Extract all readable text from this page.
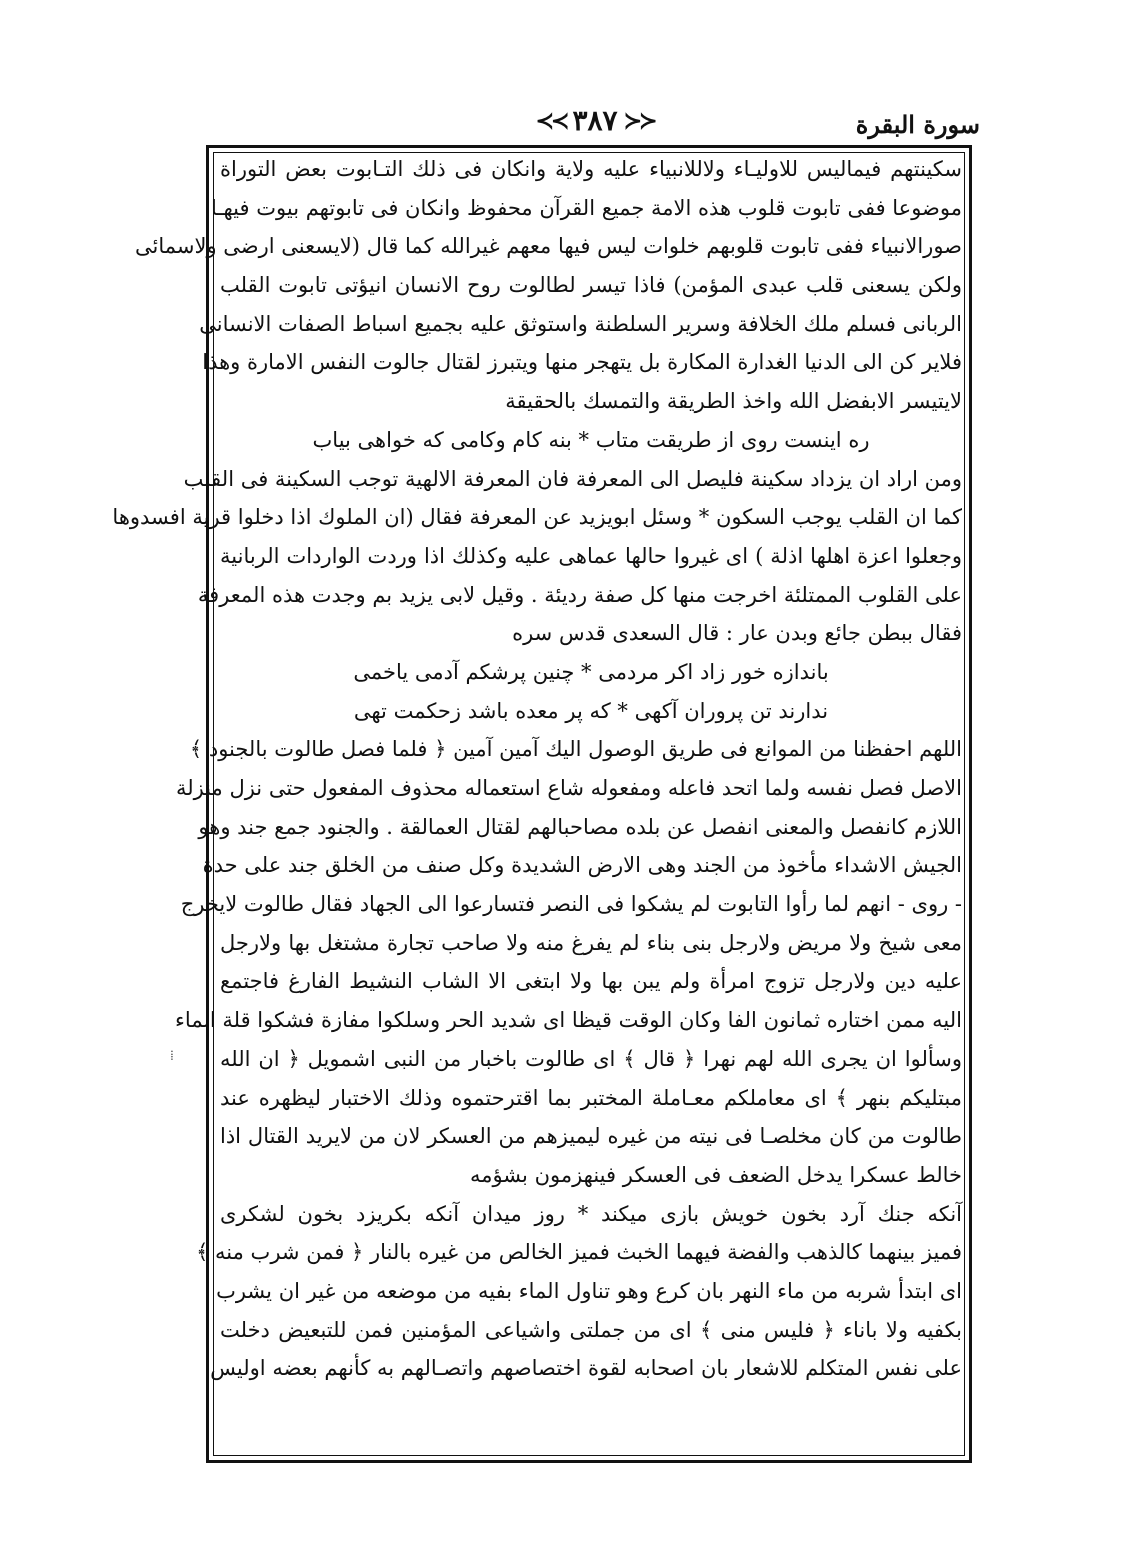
سورة البقرة
≺≺
٣٨٧
≻≻
⁞
سكينتهم فيماليس للاوليـاء ولاللانبياء عليه ولاية وانكان فى ذلك التـابوت بعض التوراة
موضوعا ففى تابوت قلوب هذه الامة جميع القرآن محفوظ وانكان فى تابوتهم بيوت فيهـا
صورالانبياء ففى تابوت قلوبهم خلوات ليس فيها معهم غيرالله كما قال (لايسعنى ارضى ولاسمائى
ولكن يسعنى قلب عبدى المؤمن) فاذا تيسر لطالوت روح الانسان انيؤتى تابوت القلب
الربانى فسلم ملك الخلافة وسرير السلطنة واستوثق عليه بجميع اسباط الصفات الانسانى
فلاير كن الى الدنيا الغدارة المكارة بل يتهجر منها ويتبرز لقتال جالوت النفس الامارة وهذا
لايتيسر الابفضل الله واخذ الطريقة والتمسك بالحقيقة
ره اينست روى از طريقت متاب * بنه كام وكامى كه خواهى بياب
ومن اراد ان يزداد سكينة فليصل الى المعرفة فان المعرفة الالهية توجب السكينة فى القلب
كما ان القلب يوجب السكون * وسئل ابويزيد عن المعرفة فقال (ان الملوك اذا دخلوا قرية افسدوها
وجعلوا اعزة اهلها اذلة ) اى غيروا حالها عماهى عليه وكذلك اذا وردت الواردات الربانية
على القلوب الممتلئة اخرجت منها كل صفة رديئة . وقيل لابى يزيد بم وجدت هذه المعرفة
فقال ببطن جائع وبدن عار : قال السعدى قدس سره
باندازه خور زاد اكر مردمى * چنين پرشكم آدمى ياخمى
ندارند تن پروران آكهى * كه پر معده باشد زحكمت تهى
اللهم احفظنا من الموانع فى طريق الوصول اليك آمين آمين ﴿ فلما فصل طالوت بالجنود ﴾
الاصل فصل نفسه ولما اتحد فاعله ومفعوله شاع استعماله محذوف المفعول حتى نزل منزلة
اللازم كانفصل والمعنى انفصل عن بلده مصاحبالهم لقتال العمالقة . والجنود جمع جند وهو
الجيش الاشداء مأخوذ من الجند وهى الارض الشديدة وكل صنف من الخلق جند على حدة
- روى - انهم لما رأوا التابوت لم يشكوا فى النصر فتسارعوا الى الجهاد فقال طالوت لايخرج
معى شيخ ولا مريض ولارجل بنى بناء لم يفرغ منه ولا صاحب تجارة مشتغل بها ولارجل
عليه دين ولارجل تزوج امرأة ولم يبن بها ولا ابتغى الا الشاب النشيط الفارغ فاجتمع
اليه ممن اختاره ثمانون الفا وكان الوقت قيظا اى شديد الحر وسلكوا مفازة فشكوا قلة الماء
وسألوا ان يجرى الله لهم نهرا ﴿ قال ﴾ اى طالوت باخبار من النبى اشمويل ﴿ ان الله
مبتليكم بنهر ﴾ اى معاملكم معـاملة المختبر بما اقترحتموه وذلك الاختبار ليظهره عند
طالوت من كان مخلصـا فى نيته من غيره ليميزهم من العسكر لان من لايريد القتال اذا
خالط عسكرا يدخل الضعف فى العسكر فينهزمون بشؤمه
آنكه جنك آرد بخون خويش بازى ميكند * روز ميدان آنكه بكريزد بخون لشكرى
فميز بينهما كالذهب والفضة فيهما الخبث فميز الخالص من غيره بالنار ﴿ فمن شرب منه ﴾
اى ابتدأ شربه من ماء النهر بان كرع وهو تناول الماء بفيه من موضعه من غير ان يشرب
بكفيه ولا باناء ﴿ فليس منى ﴾ اى من جملتى واشياعى المؤمنين فمن للتبعيض دخلت
على نفس المتكلم للاشعار بان اصحابه لقوة اختصاصهم واتصـالهم به كأنهم بعضه اوليس
